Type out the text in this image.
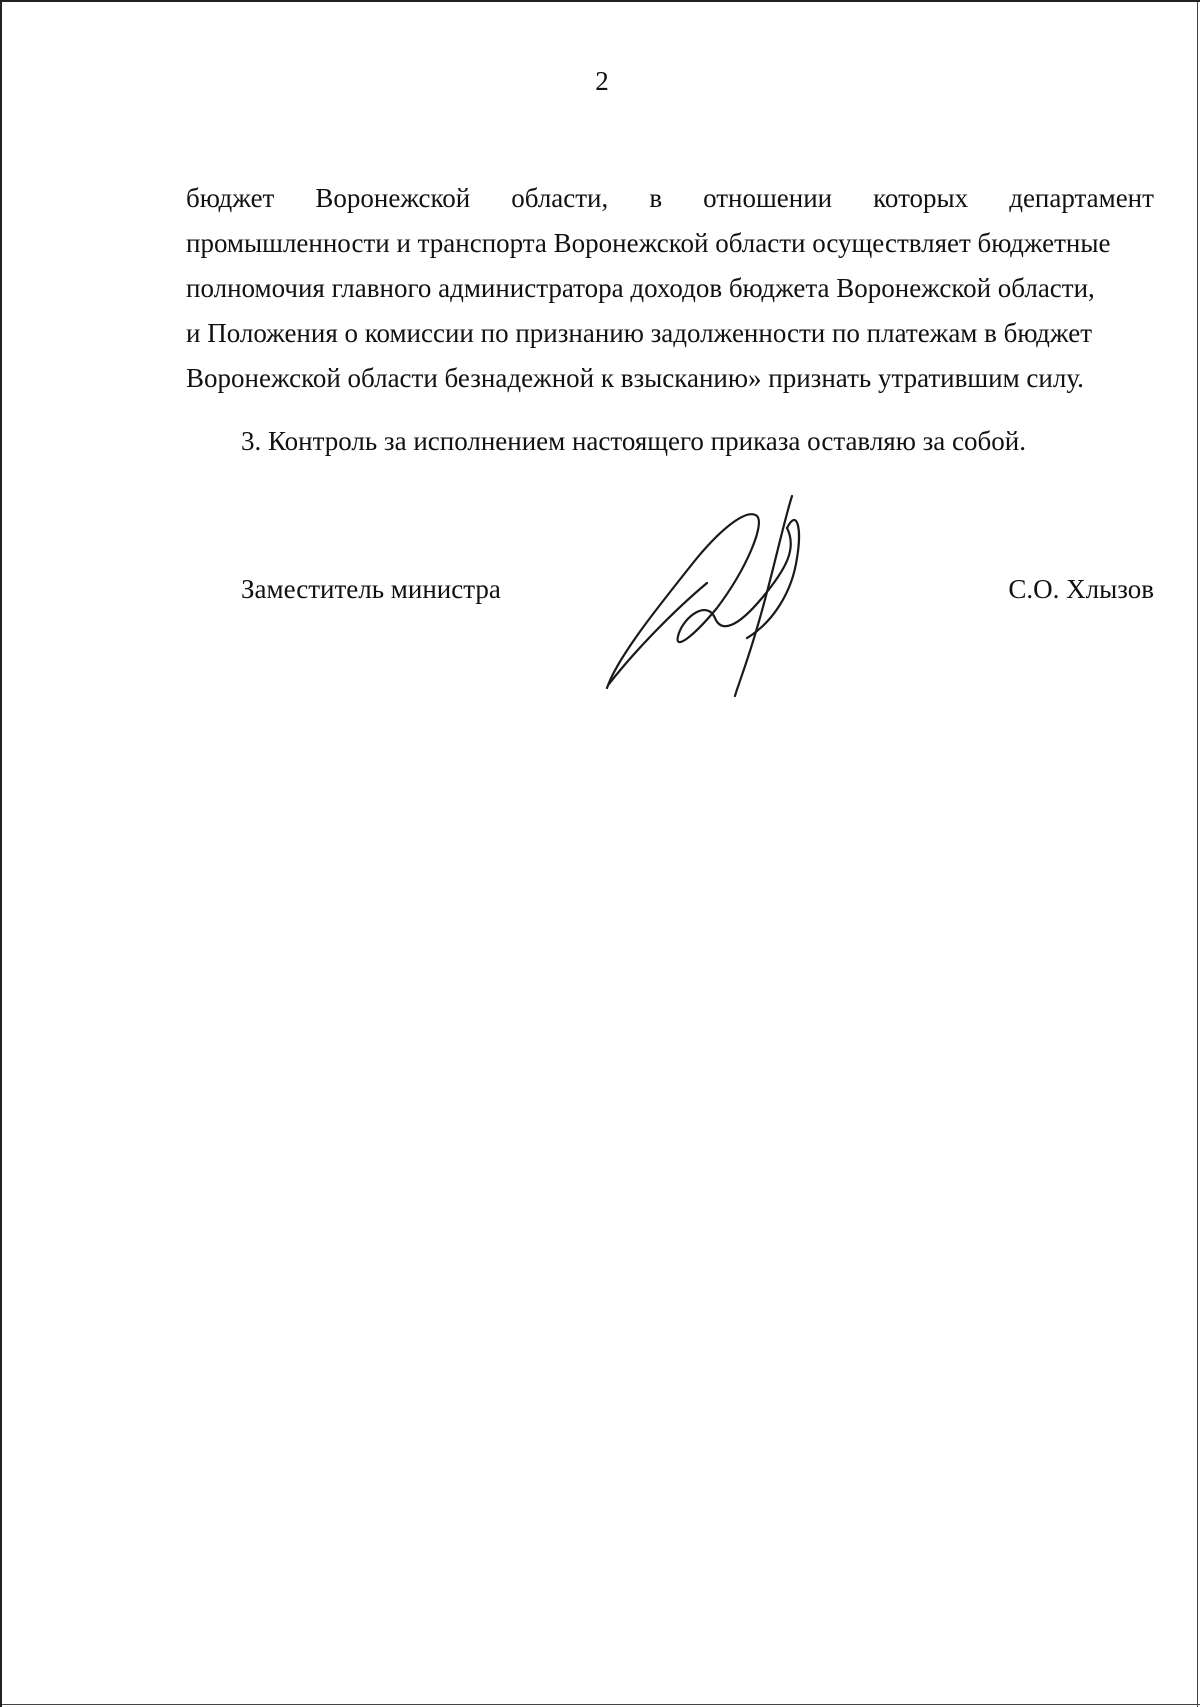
2
бюджет Воронежской области, в отношении которых департамент
промышленности и транспорта Воронежской области осуществляет бюджетные
полномочия главного администратора доходов бюджета Воронежской области,
и Положения о комиссии по признанию задолженности по платежам в бюджет
Воронежской области безнадежной к взысканию» признать утратившим силу.
3. Контроль за исполнением настоящего приказа оставляю за собой.
Заместитель министра	С.О. Хлызов
